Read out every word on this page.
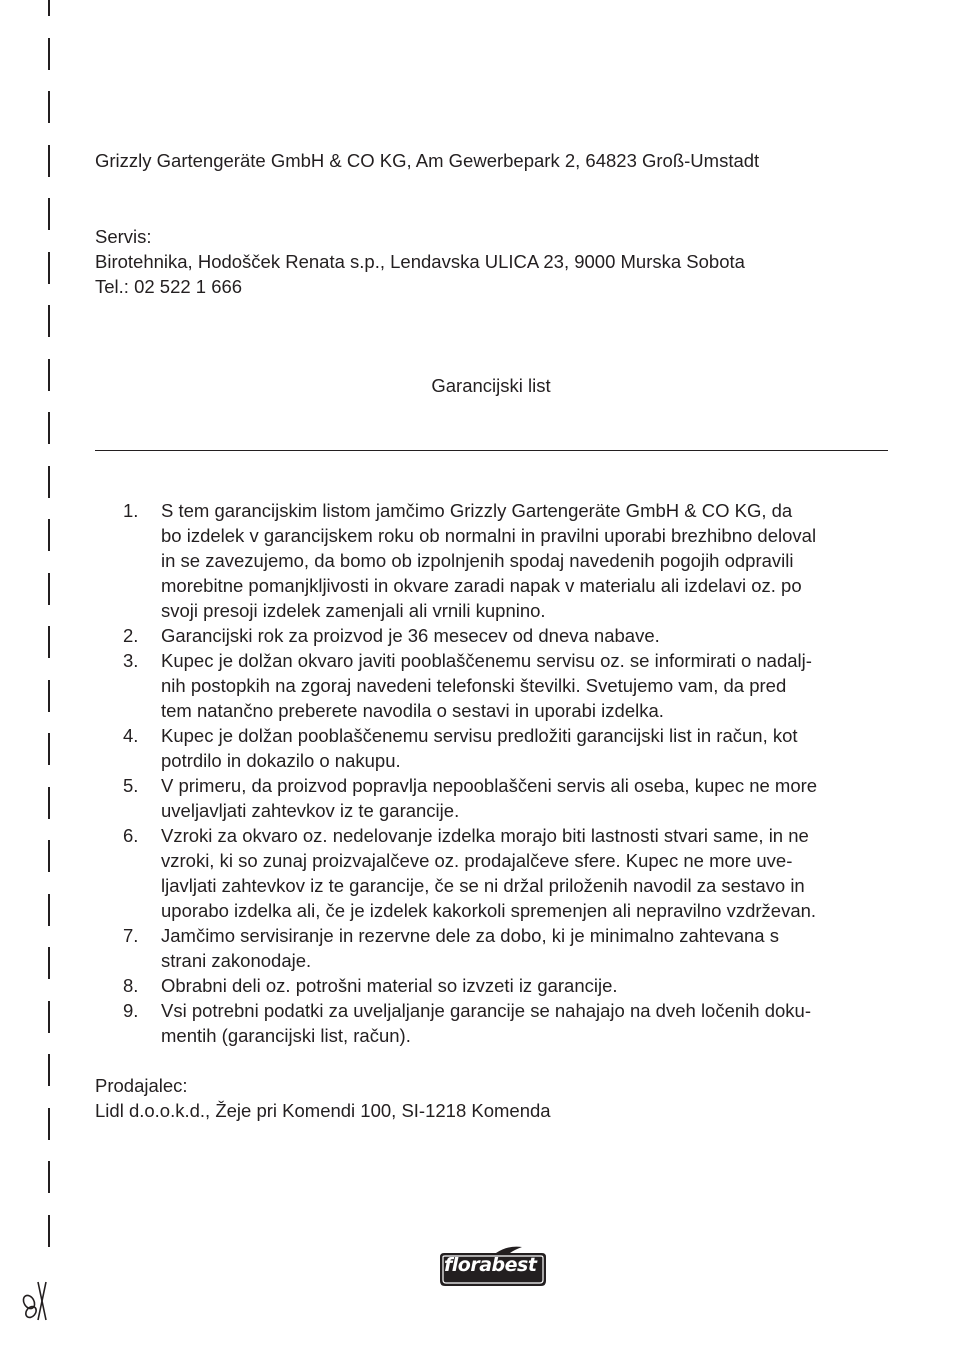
Grizzly Gartengeräte GmbH & CO KG, Am Gewerbepark 2, 64823 Groß-Umstadt
Servis:
Birotehnika, Hodošček Renata s.p., Lendavska ULICA 23, 9000 Murska Sobota
Tel.: 02 522 1 666
Garancijski list
1. S tem garancijskim listom jamčimo Grizzly Gartengeräte GmbH & CO KG, da
bo izdelek v garancijskem roku ob normalni in pravilni uporabi brezhibno deloval
in se zavezujemo, da bomo ob izpolnjenih spodaj navedenih pogojih odpravili
morebitne pomanjkljivosti in okvare zaradi napak v materialu ali izdelavi oz. po
svoji presoji izdelek zamenjali ali vrnili kupnino.
2. Garancijski rok za proizvod je 36 mesecev od dneva nabave.
3. Kupec je dolžan okvaro javiti pooblaščenemu servisu oz. se informirati o nadalj-
nih postopkih na zgoraj navedeni telefonski številki. Svetujemo vam, da pred
tem natančno preberete navodila o sestavi in uporabi izdelka.
4. Kupec je dolžan pooblaščenemu servisu predložiti garancijski list in račun, kot
potrdilo in dokazilo o nakupu.
5. V primeru, da proizvod popravlja nepooblaščeni servis ali oseba, kupec ne more
uveljavljati zahtevkov iz te garancije.
6. Vzroki za okvaro oz. nedelovanje izdelka morajo biti lastnosti stvari same, in ne
vzroki, ki so zunaj proizvajalčeve oz. prodajalčeve sfere. Kupec ne more uve-
ljavljati zahtevkov iz te garancije, če se ni držal priloženih navodil za sestavo in
uporabo izdelka ali, če je izdelek kakorkoli spremenjen ali nepravilno vzdrževan.
7. Jamčimo servisiranje in rezervne dele za dobo, ki je minimalno zahtevana s
strani zakonodaje.
8. Obrabni deli oz. potrošni material so izvzeti iz garancije.
9. Vsi potrebni podatki za uveljaljanje garancije se nahajajo na dveh ločenih doku-
mentih (garancijski list, račun).
Prodajalec:
Lidl d.o.o.k.d., Žeje pri Komendi 100, SI-1218 Komenda
florabest
